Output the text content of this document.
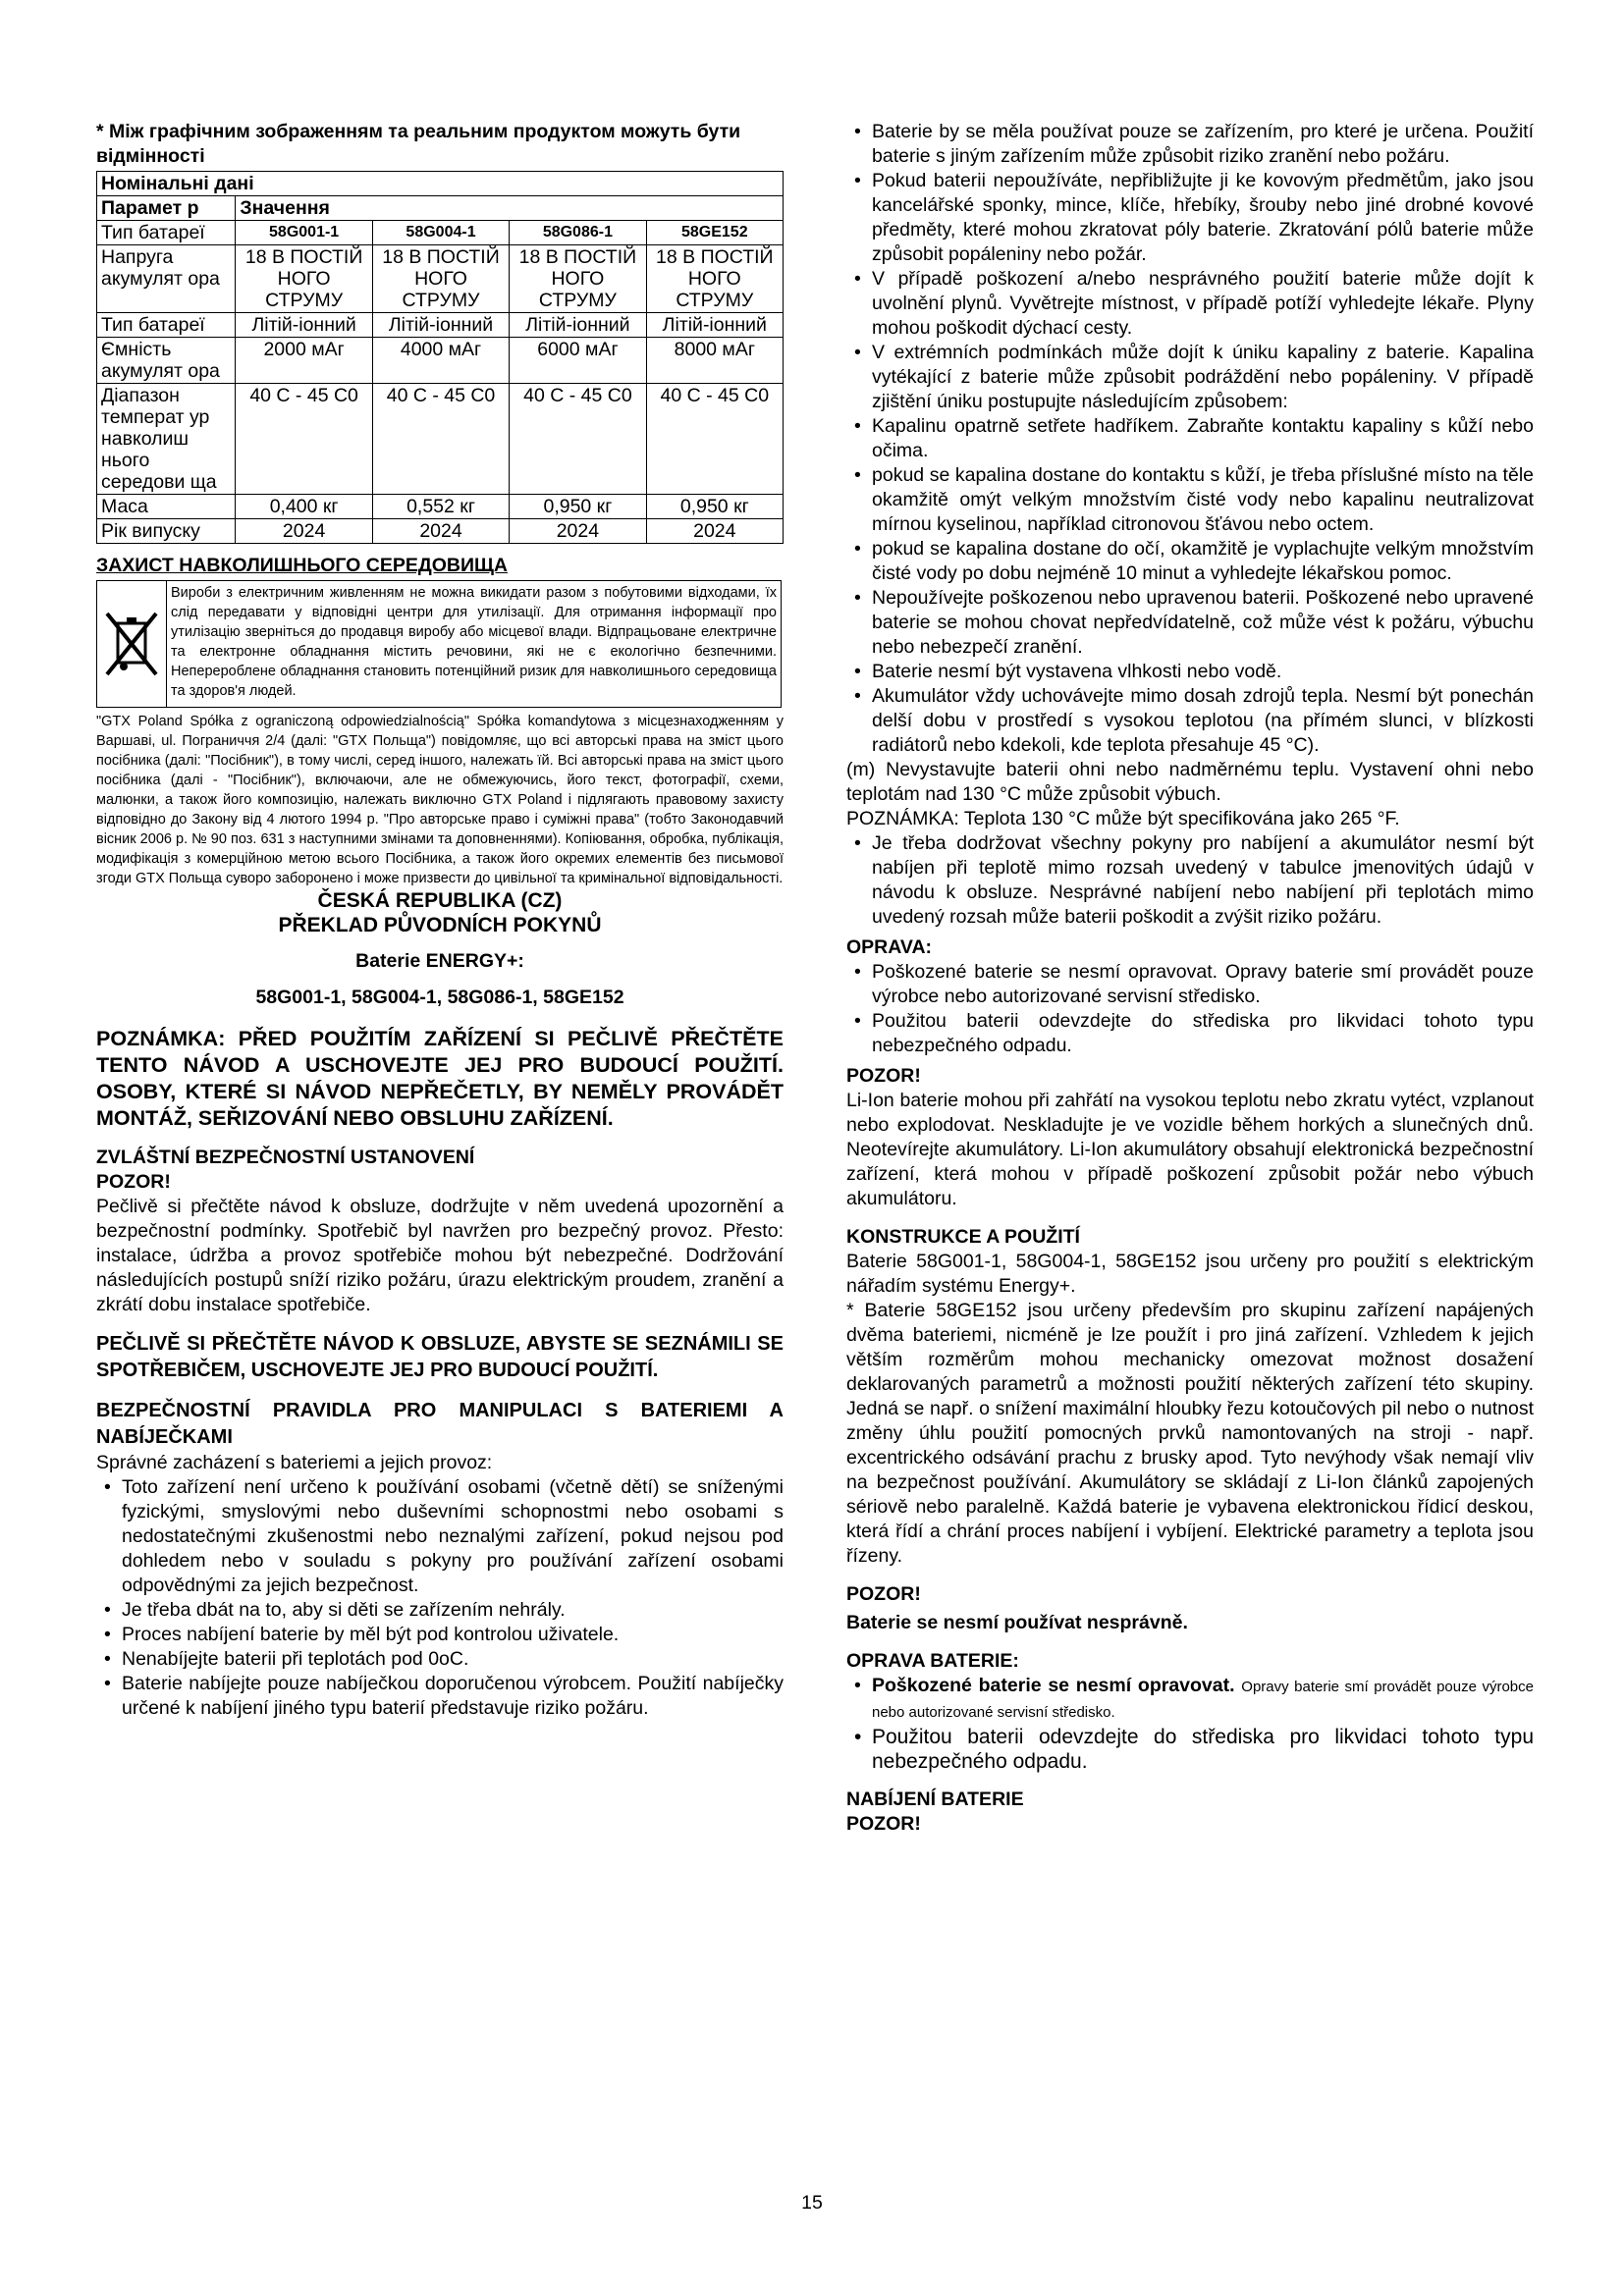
* Між графічним зображенням та реальним продуктом можуть бути відмінності

Номінальні дані				
Парамет р	Значення			
Тип батареї	58G001-1	58G004-1	58G086-1	58GE152
Напруга акумулят ора	18 В ПОСТІЙ НОГО СТРУМУ	18 В ПОСТІЙ НОГО СТРУМУ	18 В ПОСТІЙ НОГО СТРУМУ	18 В ПОСТІЙ НОГО СТРУМУ
Тип батареї	Літій-іонний	Літій-іонний	Літій-іонний	Літій-іонний
Ємність акумулят ора	2000 мАг	4000 мАг	6000 мАг	8000 мАг
Діапазон температ ур навколиш нього середови ща	40 С - 45 С0	40 С - 45 С0	40 С - 45 С0	40 С - 45 С0
Маса	0,400 кг	0,552 кг	0,950 кг	0,950 кг
Рік випуску	2024	2024	2024	2024

ЗАХИСТ НАВКОЛИШНЬОГО СЕРЕДОВИЩА

Вироби з електричним живленням не можна викидати разом з побутовими відходами, їх слід передавати у відповідні центри для утилізації. Для отримання інформації про утилізацію зверніться до продавця виробу або місцевої влади. Відпрацьоване електричне та електронне обладнання містить речовини, які не є екологічно безпечними. Неперероблене обладнання становить потенційний ризик для навколишнього середовища та здоров'я людей.

"GTX Poland Spółka z ograniczoną odpowiedzialnością" Spółka komandytowa з місцезнаходженням у Варшаві, ul. Пограниччя 2/4 (далі: "GTX Польща") повідомляє, що всі авторські права на зміст цього посібника (далі: "Посібник"), в тому числі, серед іншого, належать їй. Всі авторські права на зміст цього посібника (далі - "Посібник"), включаючи, але не обмежуючись, його текст, фотографії, схеми, малюнки, а також його композицію, належать виключно GTX Poland і підлягають правовому захисту відповідно до Закону від 4 лютого 1994 р. "Про авторське право і суміжні права" (тобто Законодавчий вісник 2006 р. № 90 поз. 631 з наступними змінами та доповненнями). Копіювання, обробка, публікація, модифікація з комерційною метою всього Посібника, а також його окремих елементів без письмової згоди GTX Польща суворо заборонено і може призвести до цивільної та кримінальної відповідальності.

ČESKÁ REPUBLIKA (CZ)

PŘEKLAD PŮVODNÍCH POKYNŮ

Baterie ENERGY+:

58G001-1, 58G004-1, 58G086-1, 58GE152

POZNÁMKA: PŘED POUŽITÍM ZAŘÍZENÍ SI PEČLIVĚ PŘEČTĚTE TENTO NÁVOD A USCHOVEJTE JEJ PRO BUDOUCÍ POUŽITÍ. OSOBY, KTERÉ SI NÁVOD NEPŘEČETLY, BY NEMĚLY PROVÁDĚT MONTÁŽ, SEŘIZOVÁNÍ NEBO OBSLUHU ZAŘÍZENÍ.

ZVLÁŠTNÍ BEZPEČNOSTNÍ USTANOVENÍ

POZOR!

Pečlivě si přečtěte návod k obsluze, dodržujte v něm uvedená upozornění a bezpečnostní podmínky. Spotřebič byl navržen pro bezpečný provoz. Přesto: instalace, údržba a provoz spotřebiče mohou být nebezpečné. Dodržování následujících postupů sníží riziko požáru, úrazu elektrickým proudem, zranění a zkrátí dobu instalace spotřebiče.

PEČLIVĚ SI PŘEČTĚTE NÁVOD K OBSLUZE, ABYSTE SE SEZNÁMILI SE SPOTŘEBIČEM, USCHOVEJTE JEJ PRO BUDOUCÍ POUŽITÍ.

BEZPEČNOSTNÍ PRAVIDLA PRO MANIPULACI S BATERIEMI A NABÍJEČKAMI

Správné zacházení s bateriemi a jejich provoz:

• Toto zařízení není určeno k používání osobami (včetně dětí) se sníženými fyzickými, smyslovými nebo duševními schopnostmi nebo osobami s nedostatečnými zkušenostmi nebo neznalými zařízení, pokud nejsou pod dohledem nebo v souladu s pokyny pro používání zařízení osobami odpovědnými za jejich bezpečnost.
• Je třeba dbát na to, aby si děti se zařízením nehrály.
• Proces nabíjení baterie by měl být pod kontrolou uživatele.
• Nenabíjejte baterii při teplotách pod 0oC.
• Baterie nabíjejte pouze nabíječkou doporučenou výrobcem. Použití nabíječky určené k nabíjení jiného typu baterií představuje riziko požáru.
• Baterie by se měla používat pouze se zařízením, pro které je určena. Použití baterie s jiným zařízením může způsobit riziko zranění nebo požáru.
• Pokud baterii nepoužíváte, nepřibližujte ji ke kovovým předmětům, jako jsou kancelářské sponky, mince, klíče, hřebíky, šrouby nebo jiné drobné kovové předměty, které mohou zkratovat póly baterie. Zkratování pólů baterie může způsobit popáleniny nebo požár.
• V případě poškození a/nebo nesprávného použití baterie může dojít k uvolnění plynů. Vyvětrejte místnost, v případě potíží vyhledejte lékaře. Plyny mohou poškodit dýchací cesty.
• V extrémních podmínkách může dojít k úniku kapaliny z baterie. Kapalina vytékající z baterie může způsobit podráždění nebo popáleniny. V případě zjištění úniku postupujte následujícím způsobem:
• Kapalinu opatrně setřete hadříkem. Zabraňte kontaktu kapaliny s kůží nebo očima.
• pokud se kapalina dostane do kontaktu s kůží, je třeba příslušné místo na těle okamžitě omýt velkým množstvím čisté vody nebo kapalinu neutralizovat mírnou kyselinou, například citronovou šťávou nebo octem.
• pokud se kapalina dostane do očí, okamžitě je vyplachujte velkým množstvím čisté vody po dobu nejméně 10 minut a vyhledejte lékařskou pomoc.
• Nepoužívejte poškozenou nebo upravenou baterii. Poškozené nebo upravené baterie se mohou chovat nepředvídatelně, což může vést k požáru, výbuchu nebo nebezpečí zranění.
• Baterie nesmí být vystavena vlhkosti nebo vodě.
• Akumulátor vždy uchovávejte mimo dosah zdrojů tepla. Nesmí být ponechán delší dobu v prostředí s vysokou teplotou (na přímém slunci, v blízkosti radiátorů nebo kdekoli, kde teplota přesahuje 45 °C).

(m) Nevystavujte baterii ohni nebo nadměrnému teplu. Vystavení ohni nebo teplotám nad 130 °C může způsobit výbuch.

POZNÁMKA: Teplota 130 °C může být specifikována jako 265 °F.

• Je třeba dodržovat všechny pokyny pro nabíjení a akumulátor nesmí být nabíjen při teplotě mimo rozsah uvedený v tabulce jmenovitých údajů v návodu k obsluze. Nesprávné nabíjení nebo nabíjení při teplotách mimo uvedený rozsah může baterii poškodit a zvýšit riziko požáru.

OPRAVA:

• Poškozené baterie se nesmí opravovat. Opravy baterie smí provádět pouze výrobce nebo autorizované servisní středisko.
• Použitou baterii odevzdejte do střediska pro likvidaci tohoto typu nebezpečného odpadu.

POZOR!

Li-Ion baterie mohou při zahřátí na vysokou teplotu nebo zkratu vytéct, vzplanout nebo explodovat. Neskladujte je ve vozidle během horkých a slunečných dnů. Neotevírejte akumulátory. Li-Ion akumulátory obsahují elektronická bezpečnostní zařízení, která mohou v případě poškození způsobit požár nebo výbuch akumulátoru.

KONSTRUKCE A POUŽITÍ

Baterie 58G001-1, 58G004-1, 58GE152 jsou určeny pro použití s elektrickým nářadím systému Energy+.

* Baterie 58GE152 jsou určeny především pro skupinu zařízení napájených dvěma bateriemi, nicméně je lze použít i pro jiná zařízení. Vzhledem k jejich větším rozměrům mohou mechanicky omezovat možnost dosažení deklarovaných parametrů a možnosti použití některých zařízení této skupiny. Jedná se např. o snížení maximální hloubky řezu kotoučových pil nebo o nutnost změny úhlu použití pomocných prvků namontovaných na stroji - např. excentrického odsávání prachu z brusky apod. Tyto nevýhody však nemají vliv na bezpečnost používání. Akumulátory se skládají z Li-Ion článků zapojených sériově nebo paralelně. Každá baterie je vybavena elektronickou řídicí deskou, která řídí a chrání proces nabíjení i vybíjení. Elektrické parametry a teplota jsou řízeny.

POZOR!

Baterie se nesmí používat nesprávně.

OPRAVA BATERIE:

• Poškozené baterie se nesmí opravovat. Opravy baterie smí provádět pouze výrobce nebo autorizované servisní středisko.
• Použitou baterii odevzdejte do střediska pro likvidaci tohoto typu nebezpečného odpadu.

NABÍJENÍ BATERIE

POZOR!

15
